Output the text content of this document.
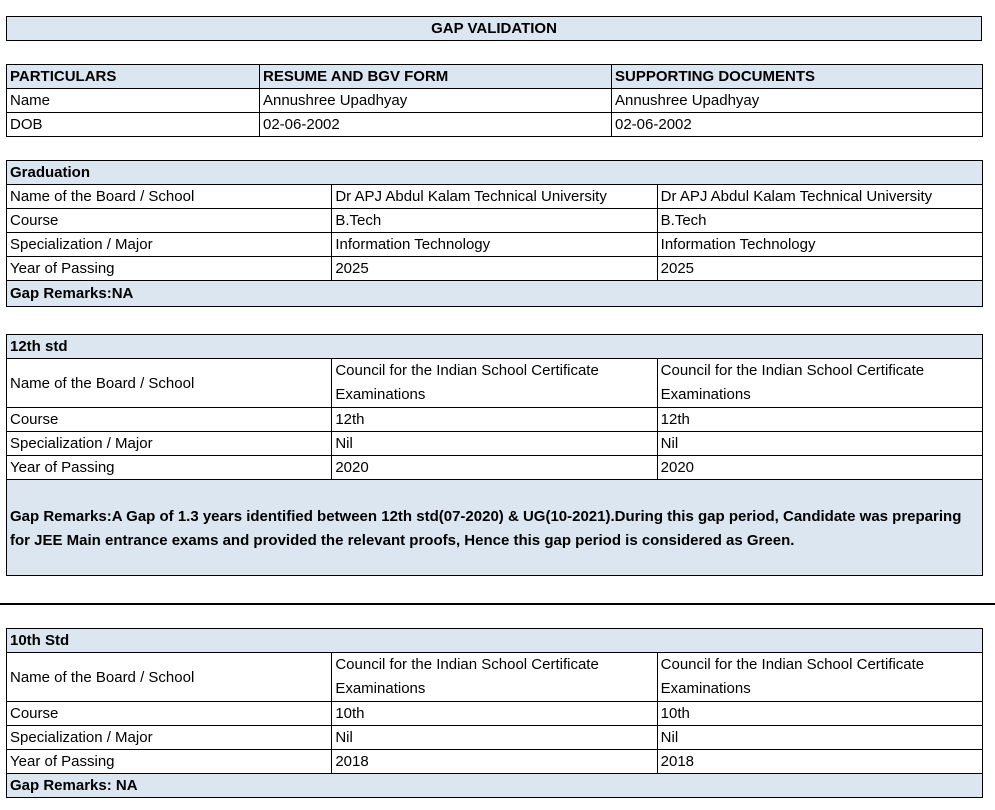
GAP VALIDATION
PARTICULARS	RESUME AND BGV FORM	SUPPORTING DOCUMENTS
Name	Annushree Upadhyay	Annushree Upadhyay
DOB	02-06-2002	02-06-2002
Graduation		
Name of the Board / School	Dr APJ Abdul Kalam Technical University	Dr APJ Abdul Kalam Technical University
Course	B.Tech	B.Tech
Specialization / Major	Information Technology	Information Technology
Year of Passing	2025	2025
Gap Remarks:NA		
12th std		
Name of the Board / School	Council for the Indian School Certificate Examinations	Council for the Indian School Certificate Examinations
Course	12th	12th
Specialization / Major	Nil	Nil
Year of Passing	2020	2020
Gap Remarks:A Gap of 1.3 years identified between 12th std(07-2020) & UG(10-2021).During this gap period, Candidate was preparing for JEE Main entrance exams and provided the relevant proofs, Hence this gap period is considered as Green.		
10th Std		
Name of the Board / School	Council for the Indian School Certificate Examinations	Council for the Indian School Certificate Examinations
Course	10th	10th
Specialization / Major	Nil	Nil
Year of Passing	2018	2018
Gap Remarks: NA		
